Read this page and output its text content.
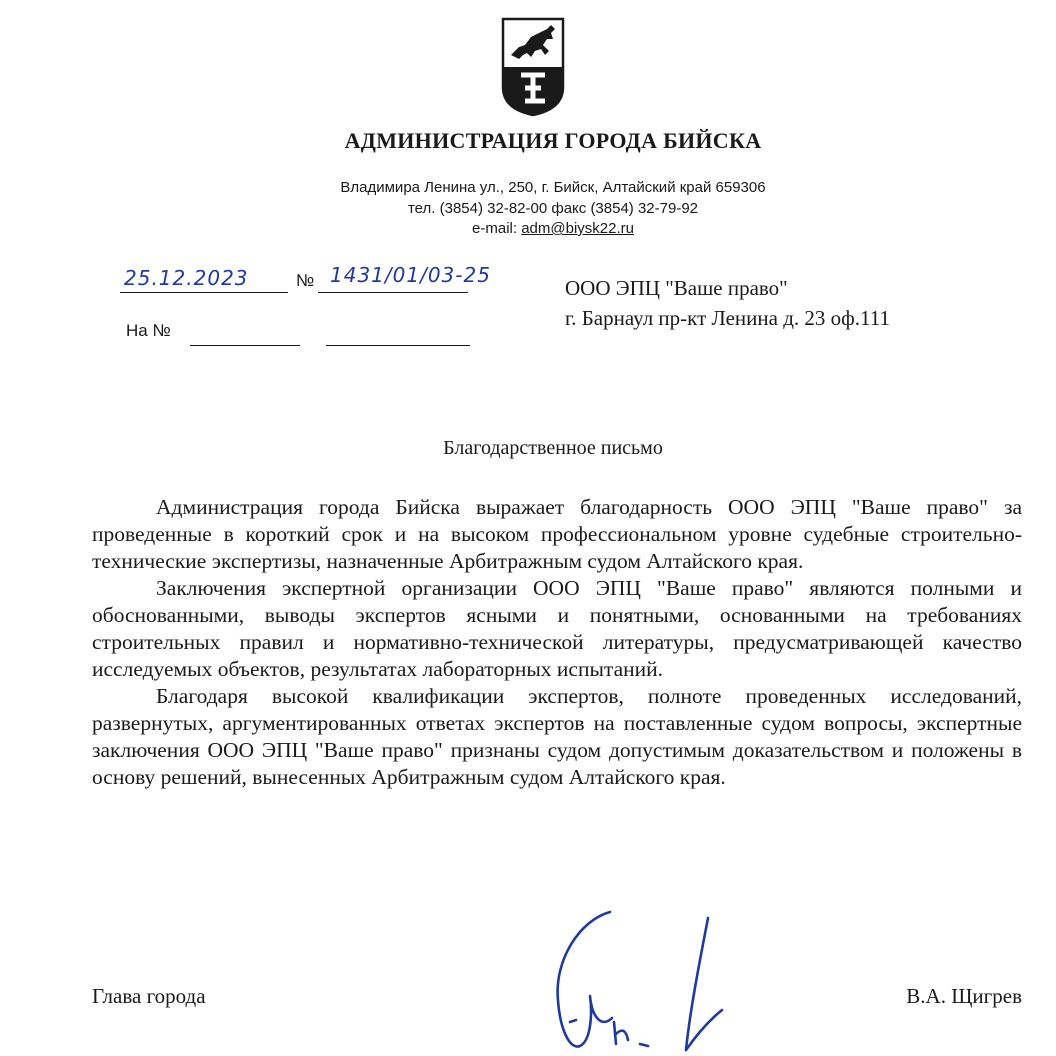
АДМИНИСТРАЦИЯ ГОРОДА БИЙСКА
Владимира Ленина ул., 250, г. Бийск, Алтайский край 659306
тел. (3854) 32-82-00 факс (3854) 32-79-92
e-mail: adm@biysk22.ru
25.12.2023	№ 1431/01/03-25
На №
ООО ЭПЦ "Ваше право"
г. Барнаул пр-кт Ленина д. 23 оф.111
Благодарственное письмо

Администрация города Бийска выражает благодарность ООО ЭПЦ "Ваше право" за проведенные в короткий срок и на высоком профессиональном уровне судебные строительно-технические экспертизы, назначенные Арбитражным судом Алтайского края.

Заключения экспертной организации ООО ЭПЦ "Ваше право" являются полными и обоснованными, выводы экспертов ясными и понятными, основанными на требованиях строительных правил и нормативно-технической литературы, предусматривающей качество исследуемых объектов, результатах лабораторных испытаний.

Благодаря высокой квалификации экспертов, полноте проведенных исследований, развернутых, аргументированных ответах экспертов на поставленные судом вопросы, экспертные заключения ООО ЭПЦ "Ваше право" признаны судом допустимым доказательством и положены в основу решений, вынесенных Арбитражным судом Алтайского края.

Глава города	В.А. Щигрев
